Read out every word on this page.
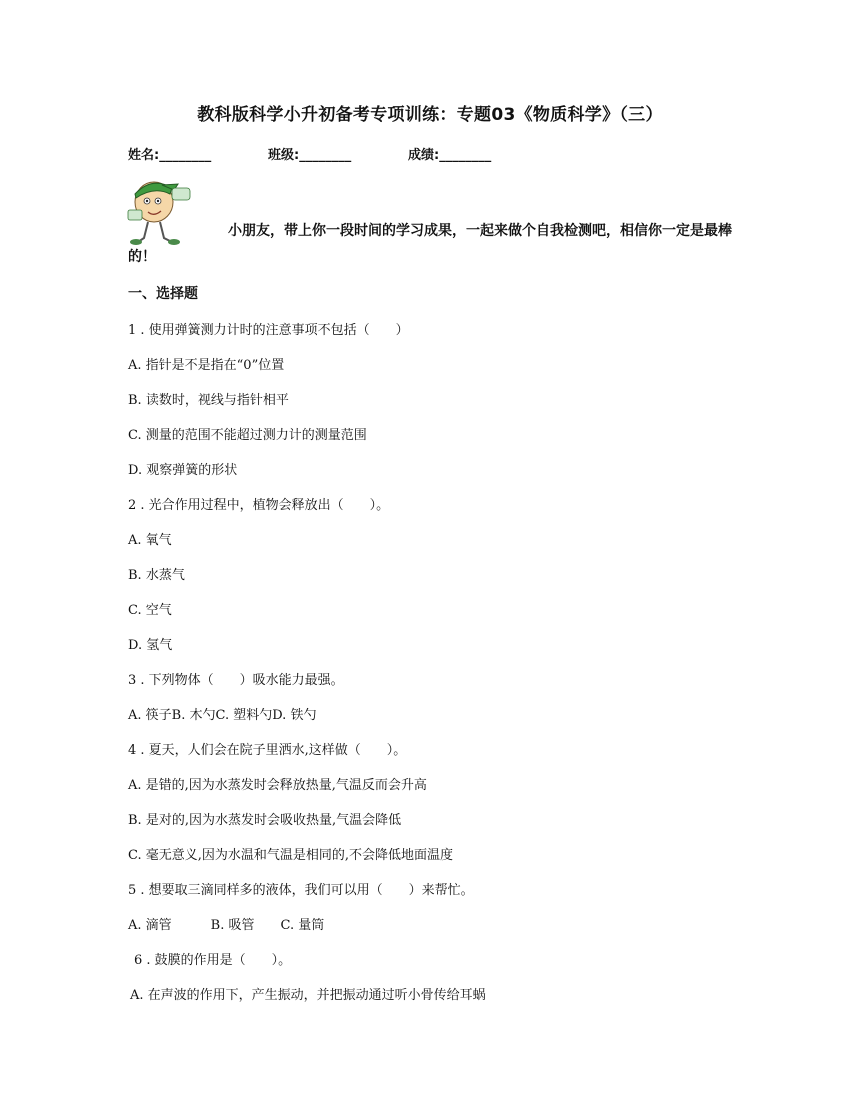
教科版科学小升初备考专项训练：专题03《物质科学》（三）
姓名:________	班级:________	成绩:________
小朋友，带上你一段时间的学习成果，一起来做个自我检测吧，相信你一定是最棒的！
一、选择题
1 . 使用弹簧测力计时的注意事项不包括（　　）
A. 指针是不是指在“0”位置
B. 读数时，视线与指针相平
C. 测量的范围不能超过测力计的测量范围
D. 观察弹簧的形状
2 . 光合作用过程中，植物会释放出（　　）。
A. 氧气
B. 水蒸气
C. 空气
D. 氢气
3 . 下列物体（　　）吸水能力最强。
A. 筷子B. 木勺C. 塑料勺D. 铁勺
4 . 夏天，人们会在院子里洒水,这样做（　　）。
A. 是错的,因为水蒸发时会释放热量,气温反而会升高
B. 是对的,因为水蒸发时会吸收热量,气温会降低
C. 毫无意义,因为水温和气温是相同的,不会降低地面温度
5 . 想要取三滴同样多的液体，我们可以用（　　）来帮忙。
A. 滴管　　　B. 吸管　　C. 量筒
6 . 鼓膜的作用是（　　）。
A. 在声波的作用下，产生振动，并把振动通过听小骨传给耳蜗
